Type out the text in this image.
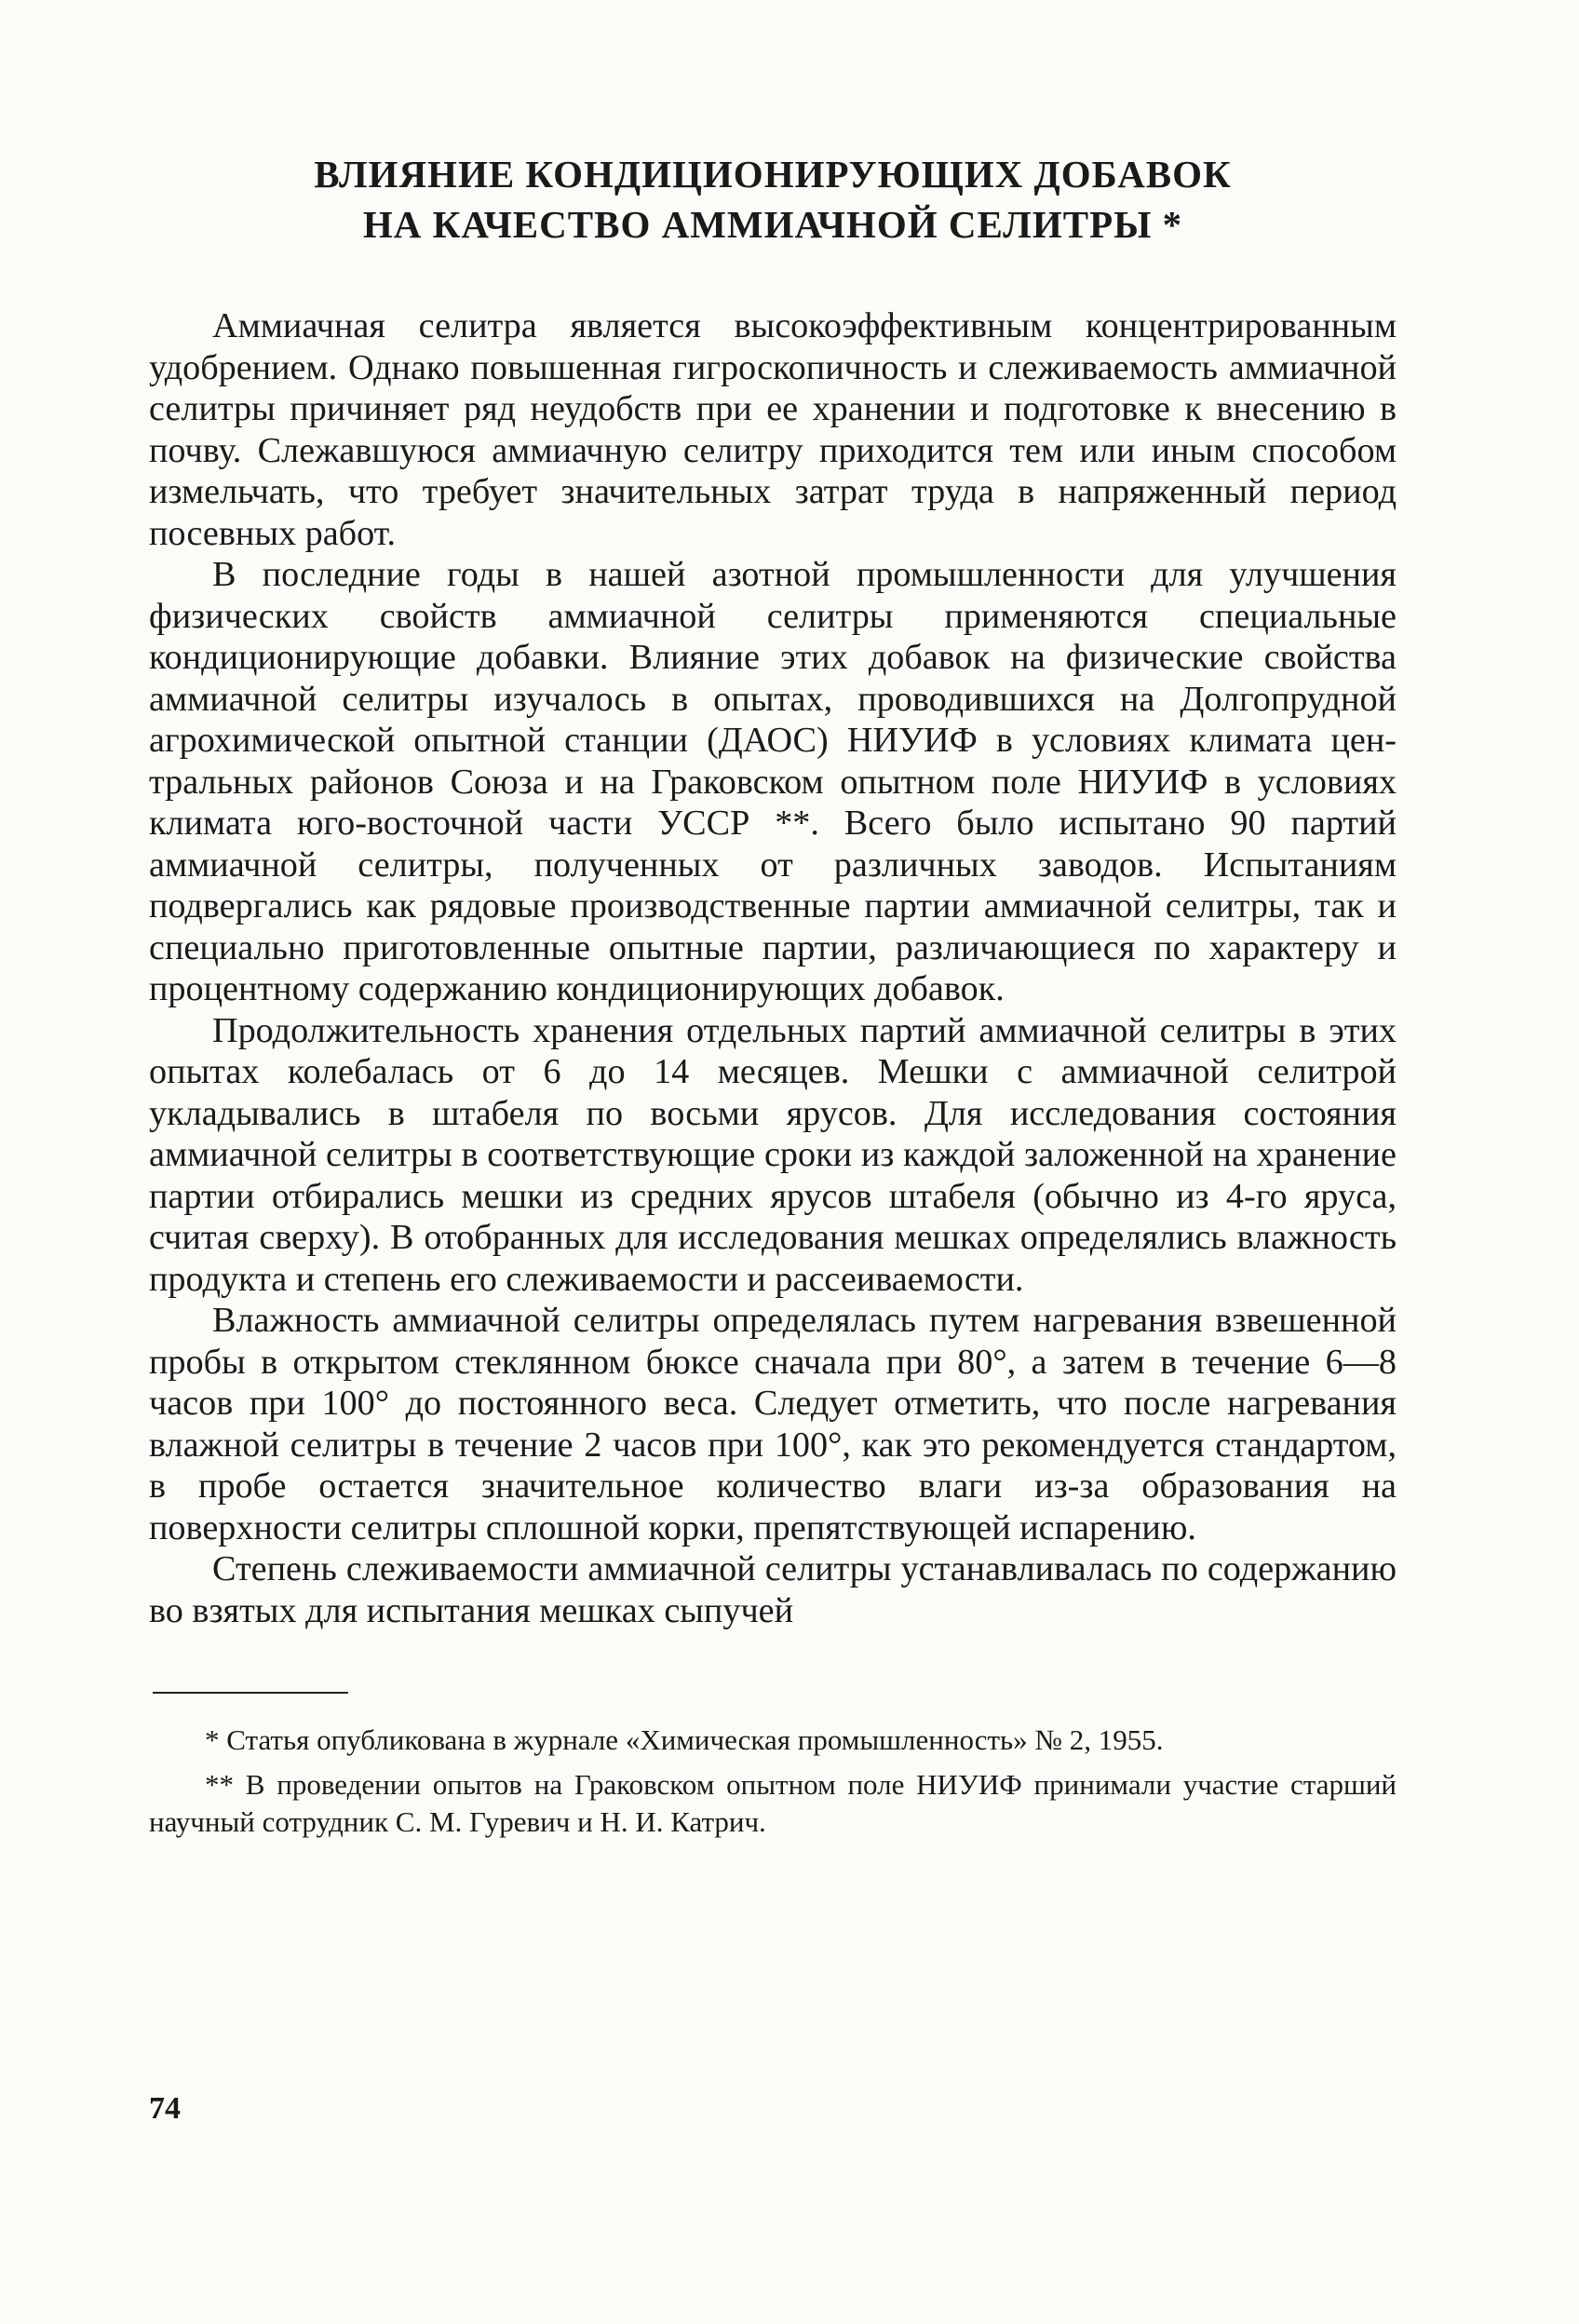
ВЛИЯНИЕ КОНДИЦИОНИРУЮЩИХ ДОБАВОК
НА КАЧЕСТВО АММИАЧНОЙ СЕЛИТРЫ *

Аммиачная селитра является высокоэффективным концентрированным удобрением. Однако повышенная гигроскопичность и слеживаемость аммиачной селитры причиняет ряд неудобств при ее хранении и подготовке к внесению в почву. Слежавшуюся аммиачную селитру приходится тем или иным способом измельчать, что требует значительных затрат труда в напряженный период посевных работ.

В последние годы в нашей азотной промышленности для улучшения физических свойств аммиачной селитры применяются специальные кондиционирующие добавки. Влияние этих добавок на физические свойства аммиачной селитры изучалось в опытах, проводившихся на Долгопрудной агрохимической опытной станции (ДАОС) НИУИФ в условиях климата центральных районов Союза и на Граковском опытном поле НИУИФ в условиях климата юго-восточной части УССР **. Всего было испытано 90 партий аммиачной селитры, полученных от различных заводов. Испытаниям подвергались как рядовые производственные партии аммиачной селитры, так и специально приготовленные опытные партии, различающиеся по характеру и процентному содержанию кондиционирующих добавок.

Продолжительность хранения отдельных партий аммиачной селитры в этих опытах колебалась от 6 до 14 месяцев. Мешки с аммиачной селитрой укладывались в штабеля по восьми ярусов. Для исследования состояния аммиачной селитры в соответствующие сроки из каждой заложенной на хранение партии отбирались мешки из средних ярусов штабеля (обычно из 4-го яруса, считая сверху). В отобранных для исследования мешках определялись влажность продукта и степень его слеживаемости и рассеиваемости.

Влажность аммиачной селитры определялась путем нагревания взвешенной пробы в открытом стеклянном бюксе сначала при 80°, а затем в течение 6—8 часов при 100° до постоянного веса. Следует отметить, что после нагревания влажной селитры в течение 2 часов при 100°, как это рекомендуется стандартом, в пробе остается значительное количество влаги из-за образования на поверхности селитры сплошной корки, препятствующей испарению.

Степень слеживаемости аммиачной селитры устанавливалась по содержанию во взятых для испытания мешках сыпучей

* Статья опубликована в журнале «Химическая промышленность» № 2, 1955.

** В проведении опытов на Граковском опытном поле НИУИФ принимали участие старший научный сотрудник С. М. Гуревич и Н. И. Катрич.

74
